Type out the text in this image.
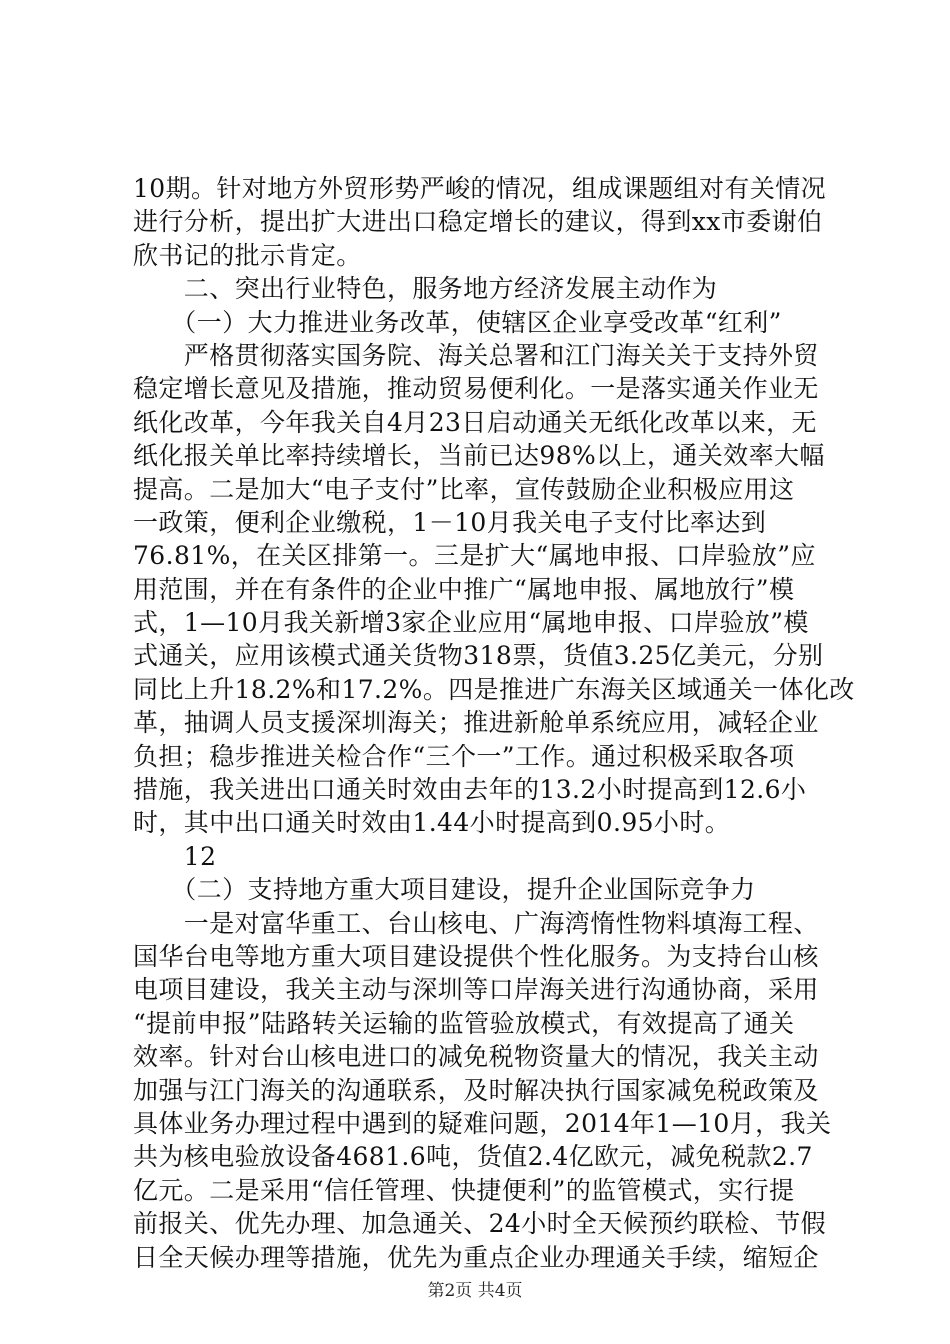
10期。针对地方外贸形势严峻的情况，组成课题组对有关情况
进行分析，提出扩大进出口稳定增长的建议，得到xx市委谢伯
欣书记的批示肯定。
　　二、突出行业特色，服务地方经济发展主动作为
　　（一）大力推进业务改革，使辖区企业享受改革“红利”
　　严格贯彻落实国务院、海关总署和江门海关关于支持外贸
稳定增长意见及措施，推动贸易便利化。一是落实通关作业无
纸化改革，今年我关自4月23日启动通关无纸化改革以来，无
纸化报关单比率持续增长，当前已达98%以上，通关效率大幅
提高。二是加大“电子支付”比率，宣传鼓励企业积极应用这
一政策，便利企业缴税，1－10月我关电子支付比率达到
76.81%，在关区排第一。三是扩大“属地申报、口岸验放”应
用范围，并在有条件的企业中推广“属地申报、属地放行”模
式，1—10月我关新增3家企业应用“属地申报、口岸验放”模
式通关，应用该模式通关货物318票，货值3.25亿美元，分别
同比上升18.2%和17.2%。四是推进广东海关区域通关一体化改
革，抽调人员支援深圳海关；推进新舱单系统应用，减轻企业
负担；稳步推进关检合作“三个一”工作。通过积极采取各项
措施，我关进出口通关时效由去年的13.2小时提高到12.6小
时，其中出口通关时效由1.44小时提高到0.95小时。
　　12
　　（二）支持地方重大项目建设，提升企业国际竞争力
　　一是对富华重工、台山核电、广海湾惰性物料填海工程、
国华台电等地方重大项目建设提供个性化服务。为支持台山核
电项目建设，我关主动与深圳等口岸海关进行沟通协商，采用
“提前申报”陆路转关运输的监管验放模式，有效提高了通关
效率。针对台山核电进口的减免税物资量大的情况，我关主动
加强与江门海关的沟通联系，及时解决执行国家减免税政策及
具体业务办理过程中遇到的疑难问题，2014年1—10月，我关
共为核电验放设备4681.6吨，货值2.4亿欧元，减免税款2.7
亿元。二是采用“信任管理、快捷便利”的监管模式，实行提
前报关、优先办理、加急通关、24小时全天候预约联检、节假
日全天候办理等措施，优先为重点企业办理通关手续，缩短企
第2页 共4页
